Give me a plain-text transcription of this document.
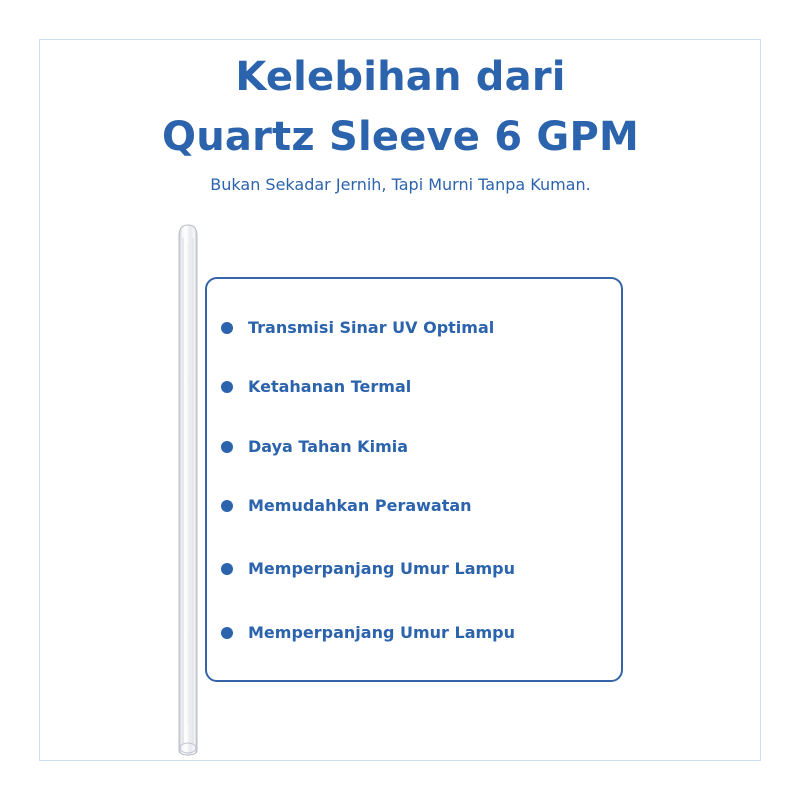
Kelebihan dari
Quartz Sleeve 6 GPM
Bukan Sekadar Jernih, Tapi Murni Tanpa Kuman.
Transmisi Sinar UV Optimal
Ketahanan Termal
Daya Tahan Kimia
Memudahkan Perawatan
Memperpanjang Umur Lampu
Memperpanjang Umur Lampu
